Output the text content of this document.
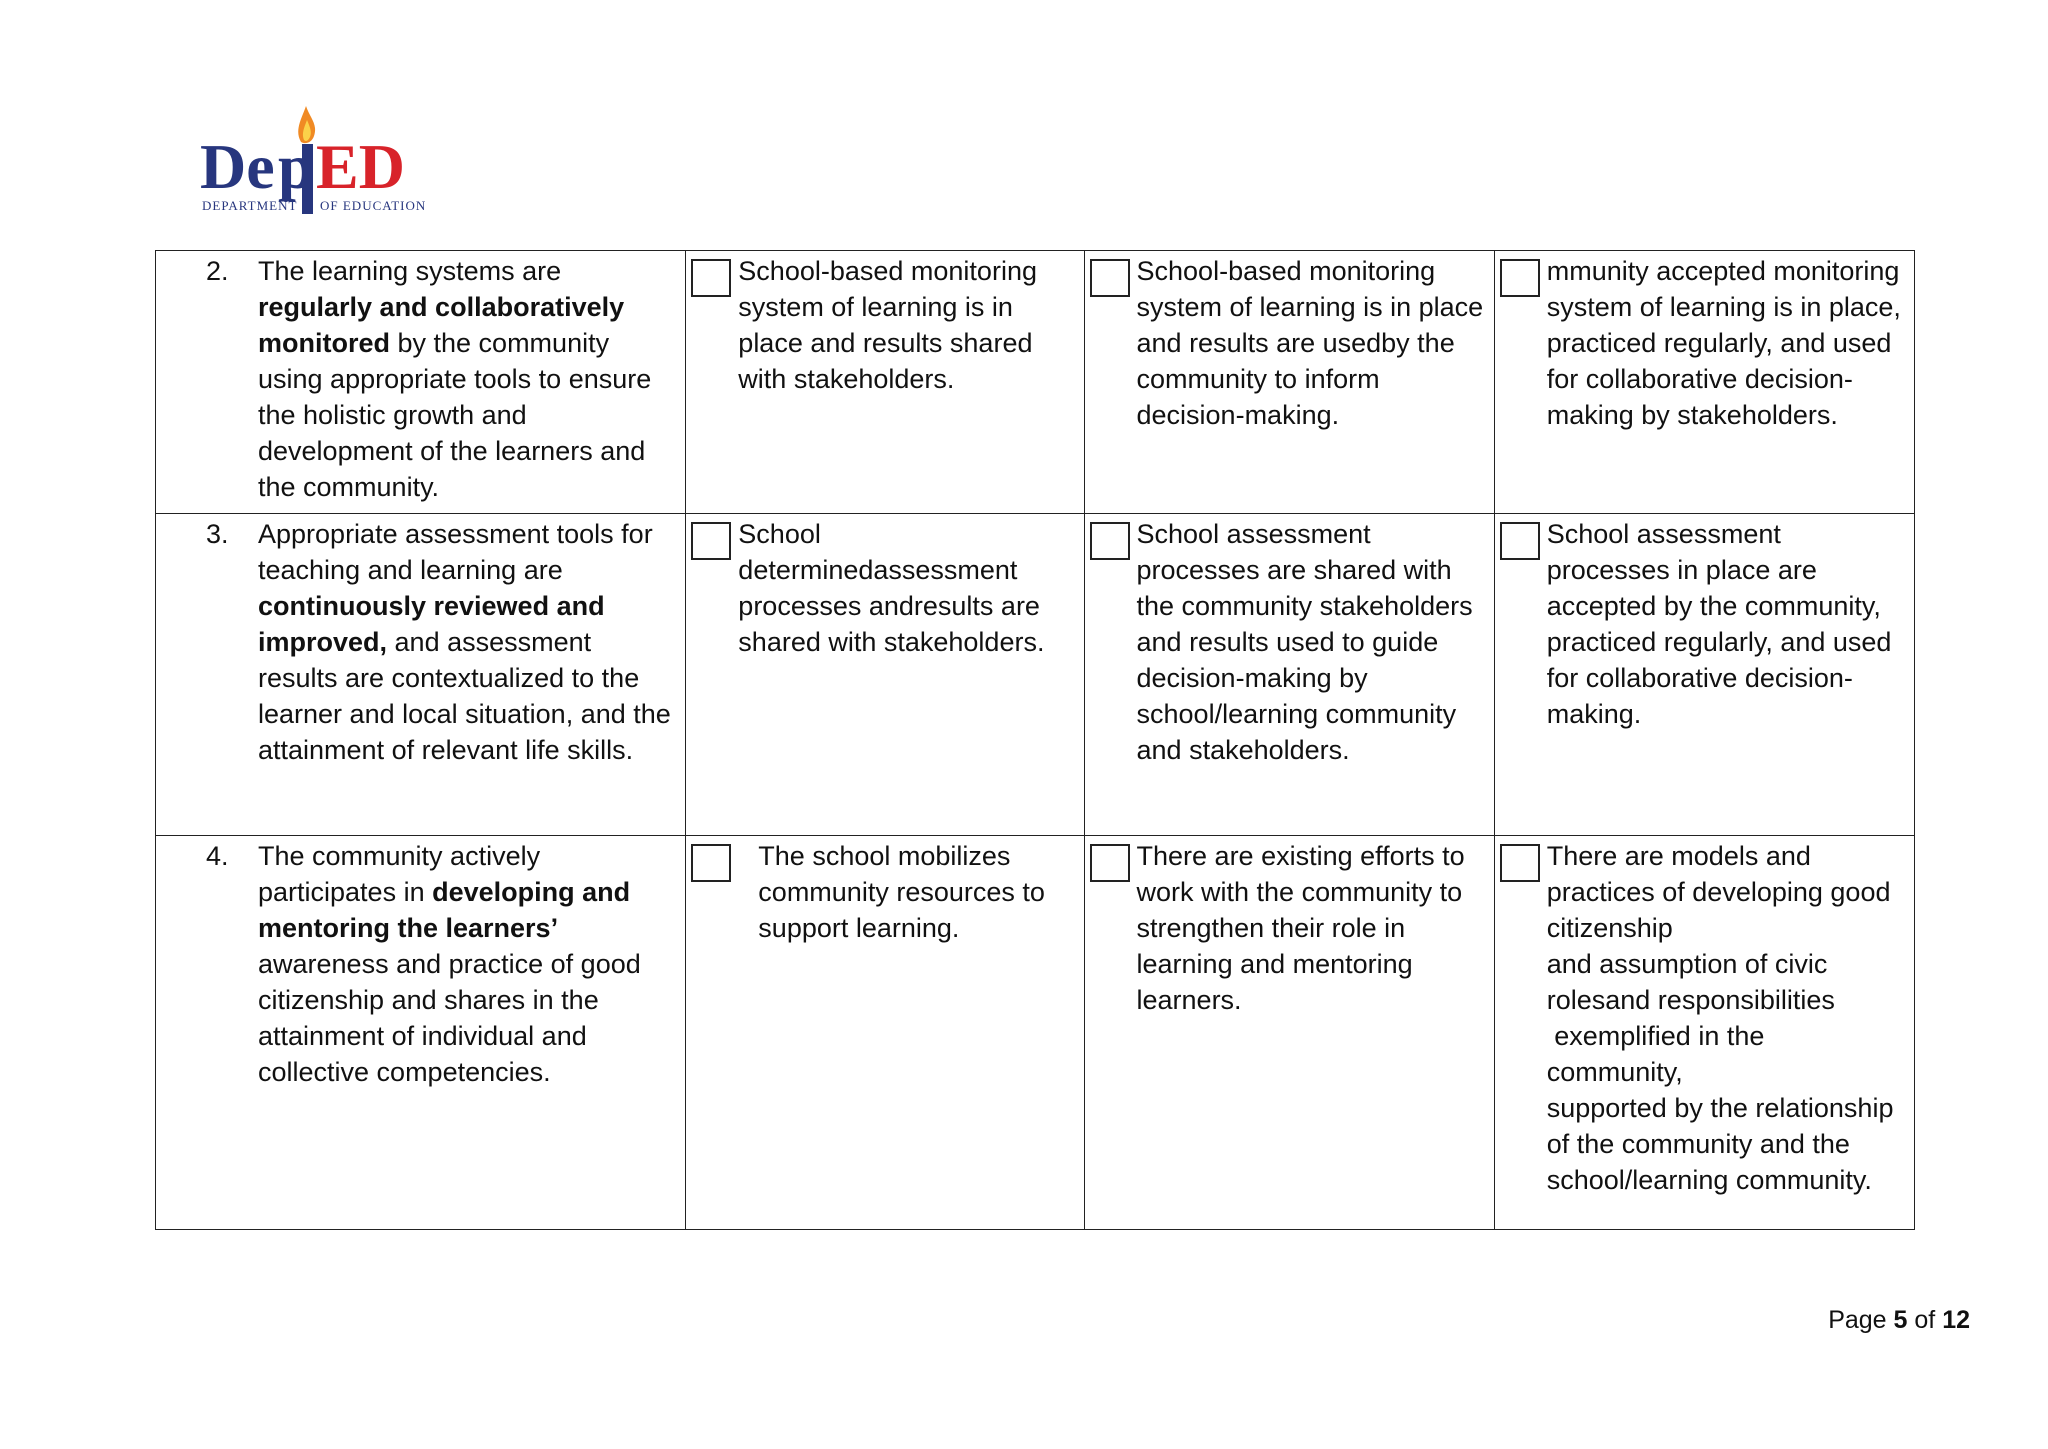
De p ED
DEPARTMENT OF EDUCATION
2. The learning systems are regularly and collaboratively monitored by the community using appropriate tools to ensure the holistic growth and development of the learners and the community.	School-based monitoring system of learning is in place and results shared with stakeholders.	School-based monitoring system of learning is in place and results are usedby the community to inform decision-making.	mmunity accepted monitoring system of learning is in place, practiced regularly, and used for collaborative decision-making by stakeholders.

3. Appropriate assessment tools for teaching and learning are continuously reviewed and improved, and assessment results are contextualized to the learner and local situation, and the attainment of relevant life skills.	School determinedassessment processes andresults are shared with stakeholders.	School assessment processes are shared with the community stakeholders and results used to guide decision-making by school/learning community and stakeholders.	School assessment processes in place are accepted by the community, practiced regularly, and used for collaborative decision-making.

4. The community actively participates in developing and mentoring the learners’ awareness and practice of good citizenship and shares in the attainment of individual and collective competencies.	The school mobilizes community resources to support learning.	There are existing efforts to work with the community to strengthen their role in learning and mentoring learners.	There are models and practices of developing good citizenship
and assumption of civic rolesand responsibilities
exemplified in the community,
supported by the relationship of the community and the school/learning community.
Page 5 of 12
